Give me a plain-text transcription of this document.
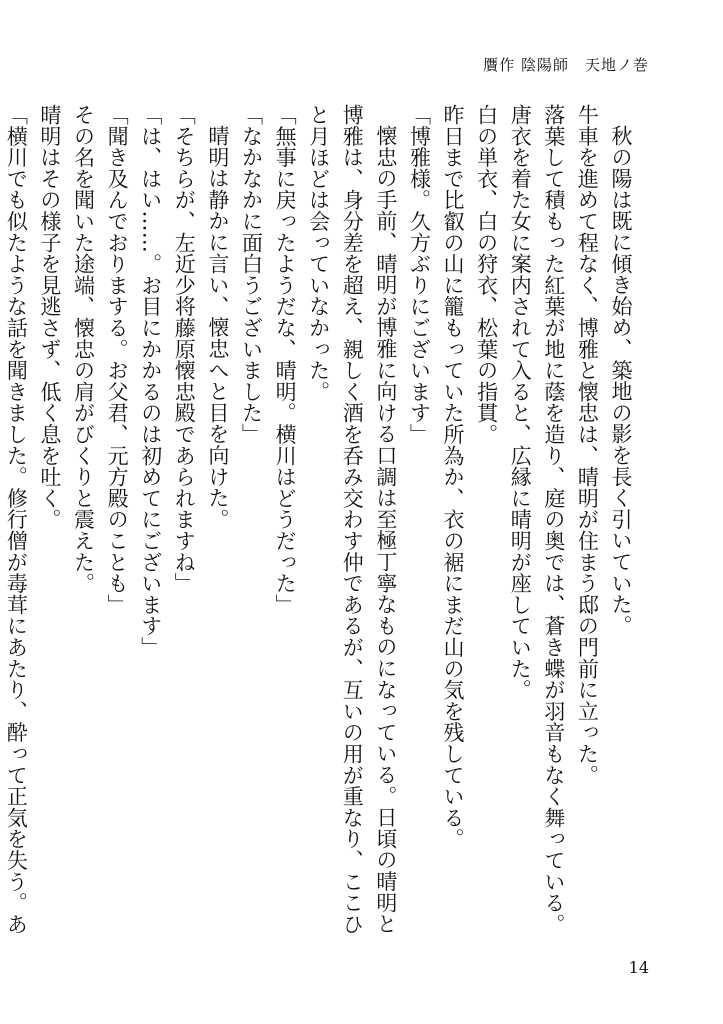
贋作 陰陽師　天地ノ巻

秋の陽は既に傾き始め、築地の影を長く引いていた。

牛車を進めて程なく、博雅と懐忠は、晴明が住まう邸の門前に立った。

落葉して積もった紅葉が地に蔭を造り、庭の奥では、蒼き蝶が羽音もなく舞っている。

唐衣を着た女に案内されて入ると、広縁に晴明が座していた。

白の単衣、白の狩衣、松葉の指貫。

昨日まで比叡の山に籠もっていた所為か、衣の裾にまだ山の気を残している。

「博雅様。久方ぶりにございます」

懐忠の手前、晴明が博雅に向ける口調は至極丁寧なものになっている。日頃の晴明と博雅は、身分差を超え、親しく酒を呑み交わす仲であるが、互いの用が重なり、ここひと月ほどは会っていなかった。

「無事に戻ったようだな、晴明。横川はどうだった」

「なかなかに面白うございました」

晴明は静かに言い、懐忠へと目を向けた。

「そちらが、左近少将藤原懐忠殿であられますね」

「は、はい……。お目にかかるのは初めてにございます」

「聞き及んでおりまする。お父君、元方殿のことも」

その名を聞いた途端、懐忠の肩がびくりと震えた。

晴明はその様子を見逃さず、低く息を吐く。

「横川でも似たような話を聞きました。修行僧が毒茸にあたり、酔って正気を失う。あ

14
